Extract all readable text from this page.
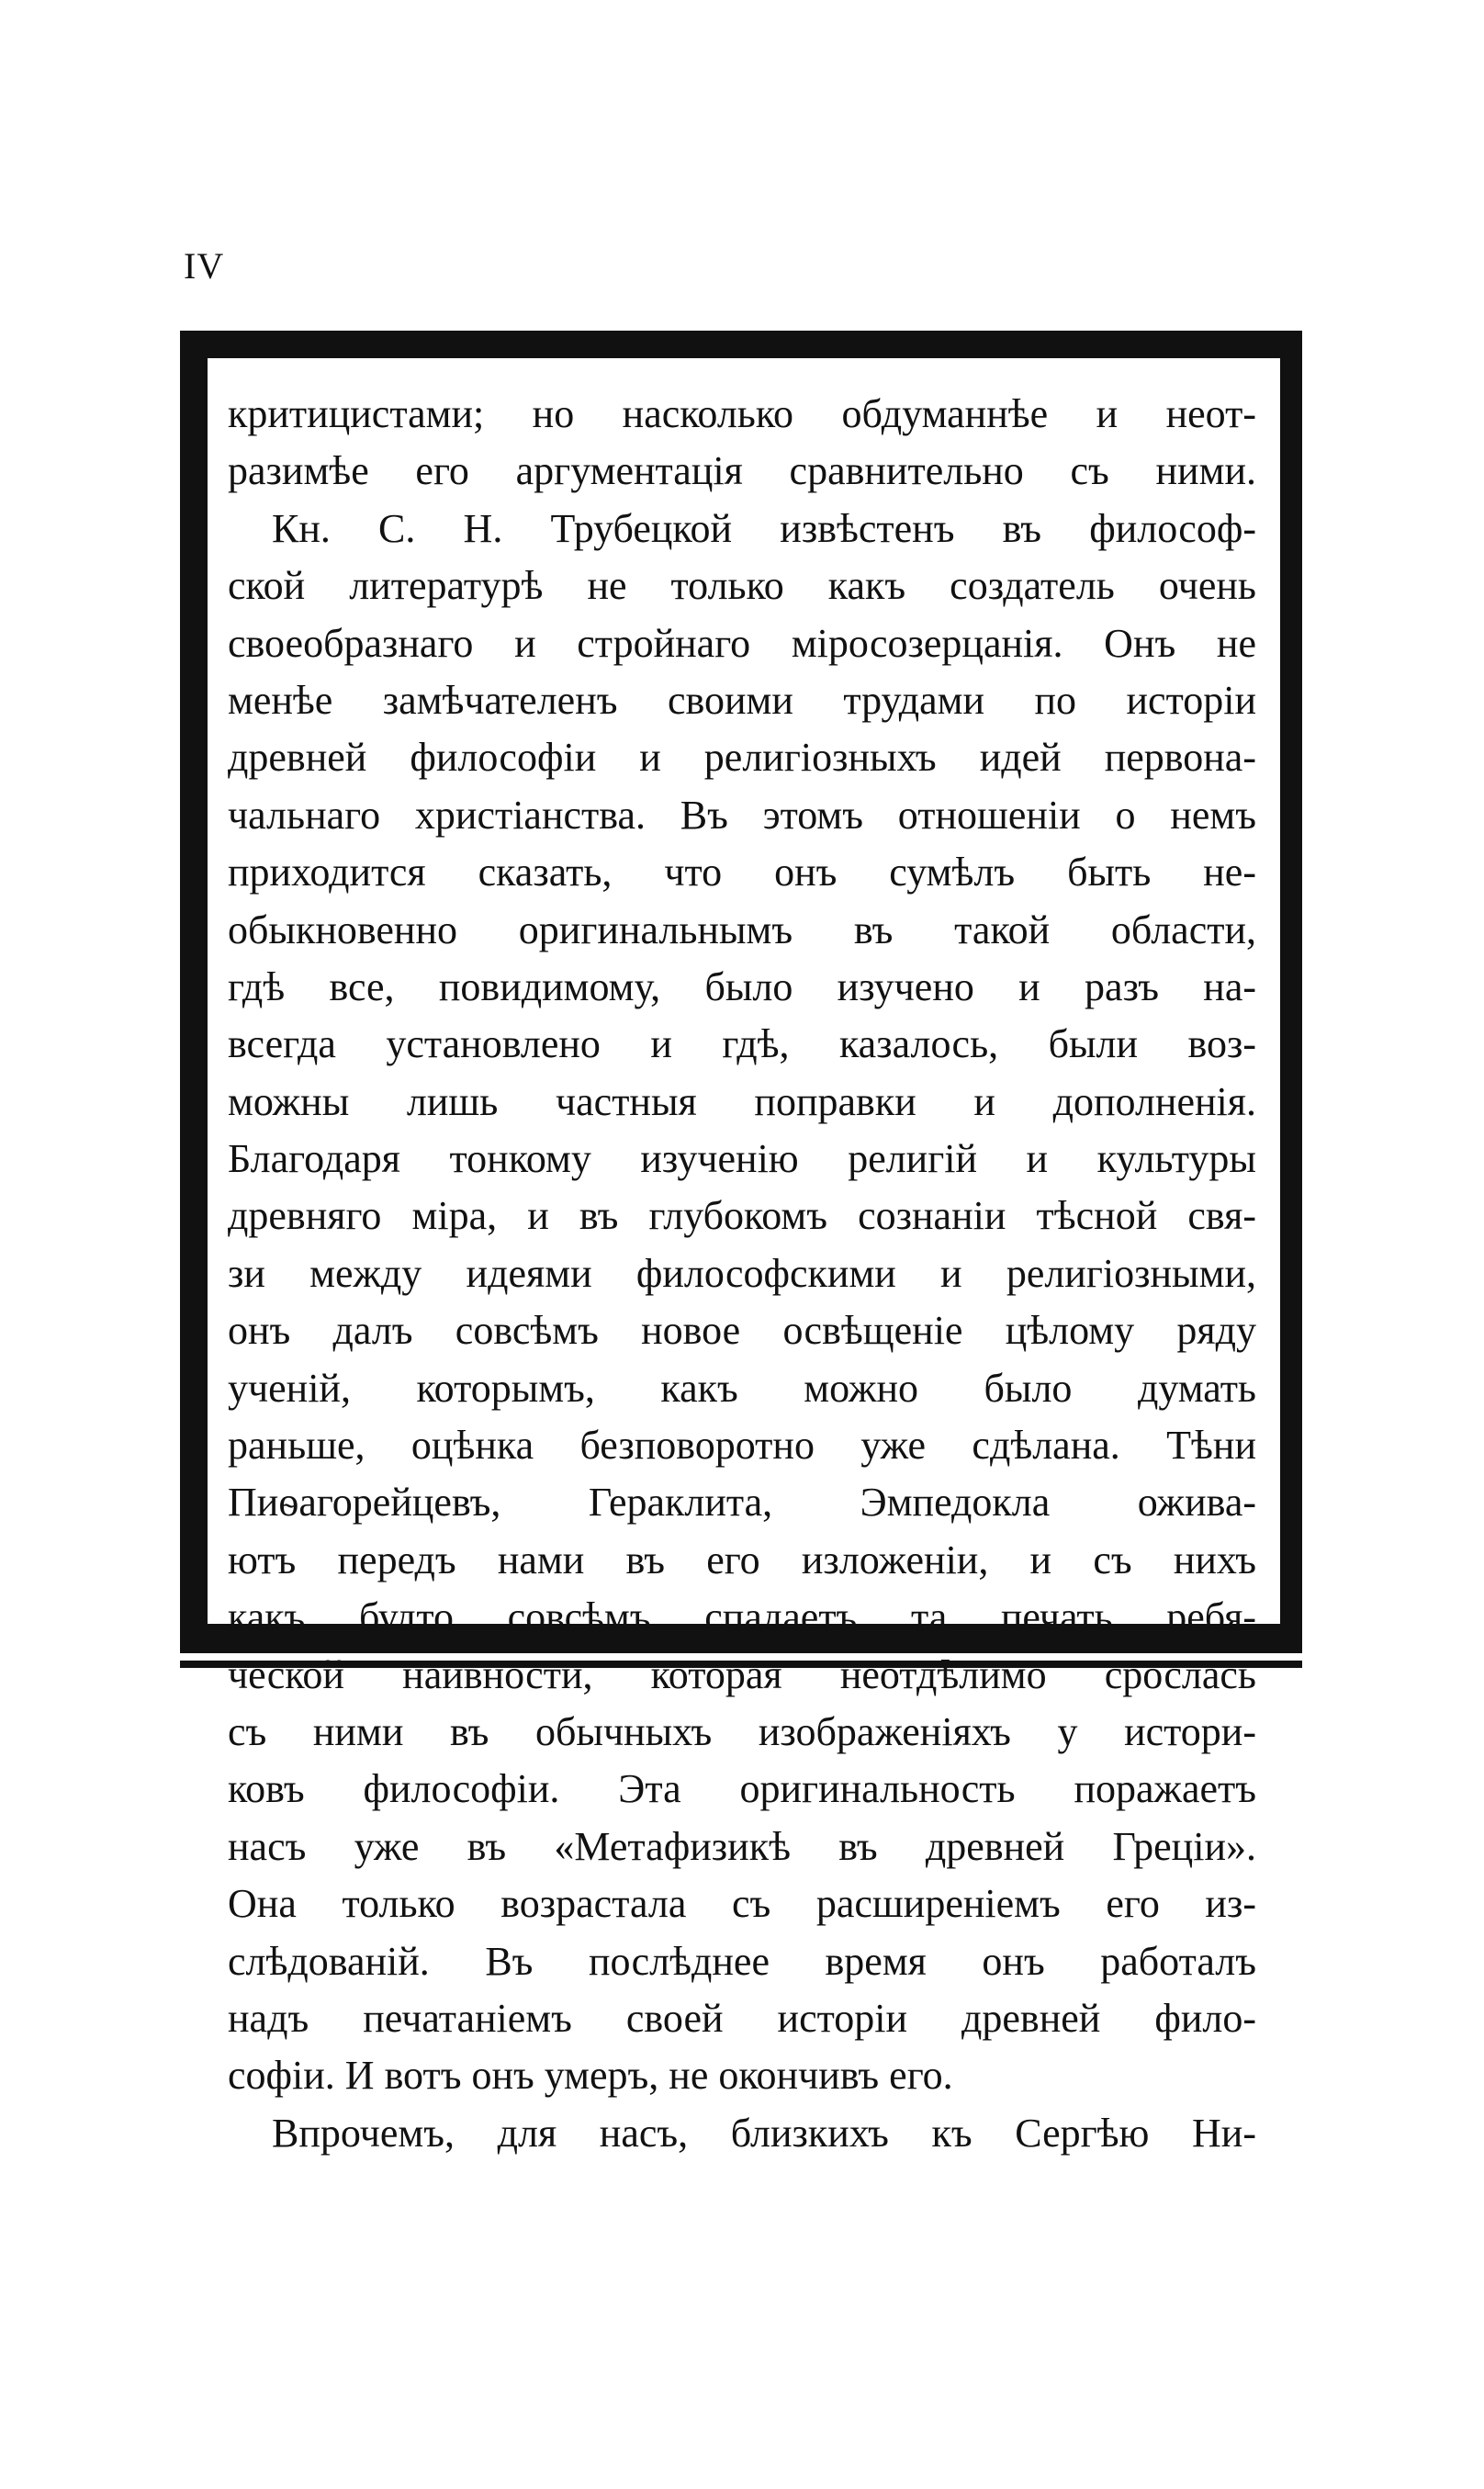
IV
критицистами; но насколько обдуманнѣе и неот-
разимѣе его аргументація сравнительно съ ними.
Кн. С. Н. Трубецкой извѣстенъ въ философ-
ской литературѣ не только какъ создатель очень
своеобразнаго и стройнаго міросозерцанія. Онъ не
менѣе замѣчателенъ своими трудами по исторіи
древней философіи и религіозныхъ идей первона-
чальнаго христіанства. Въ этомъ отношеніи о немъ
приходится сказать, что онъ сумѣлъ быть не-
обыкновенно оригинальнымъ въ такой области,
гдѣ все, повидимому, было изучено и разъ на-
всегда установлено и гдѣ, казалось, были воз-
можны лишь частныя поправки и дополненія.
Благодаря тонкому изученію религій и культуры
древняго міра, и въ глубокомъ сознаніи тѣсной свя-
зи между идеями философскими и религіозными,
онъ далъ совсѣмъ новое освѣщеніе цѣлому ряду
ученій, которымъ, какъ можно было думать
раньше, оцѣнка безповоротно уже сдѣлана. Тѣни
Пиѳагорейцевъ, Гераклита, Эмпедокла ожива-
ютъ передъ нами въ его изложеніи, и съ нихъ
какъ будто совсѣмъ спадаетъ та печать ребя-
ческой наивности, которая неотдѣлимо срослась
съ ними въ обычныхъ изображеніяхъ у истори-
ковъ философіи. Эта оригинальность поражаетъ
насъ уже въ «Метафизикѣ въ древней Греціи».
Она только возрастала съ расширеніемъ его из-
слѣдованій. Въ послѣднее время онъ работалъ
надъ печатаніемъ своей исторіи древней фило-
софіи. И вотъ онъ умеръ, не окончивъ его.
Впрочемъ, для насъ, близкихъ къ Сергѣю Ни-
